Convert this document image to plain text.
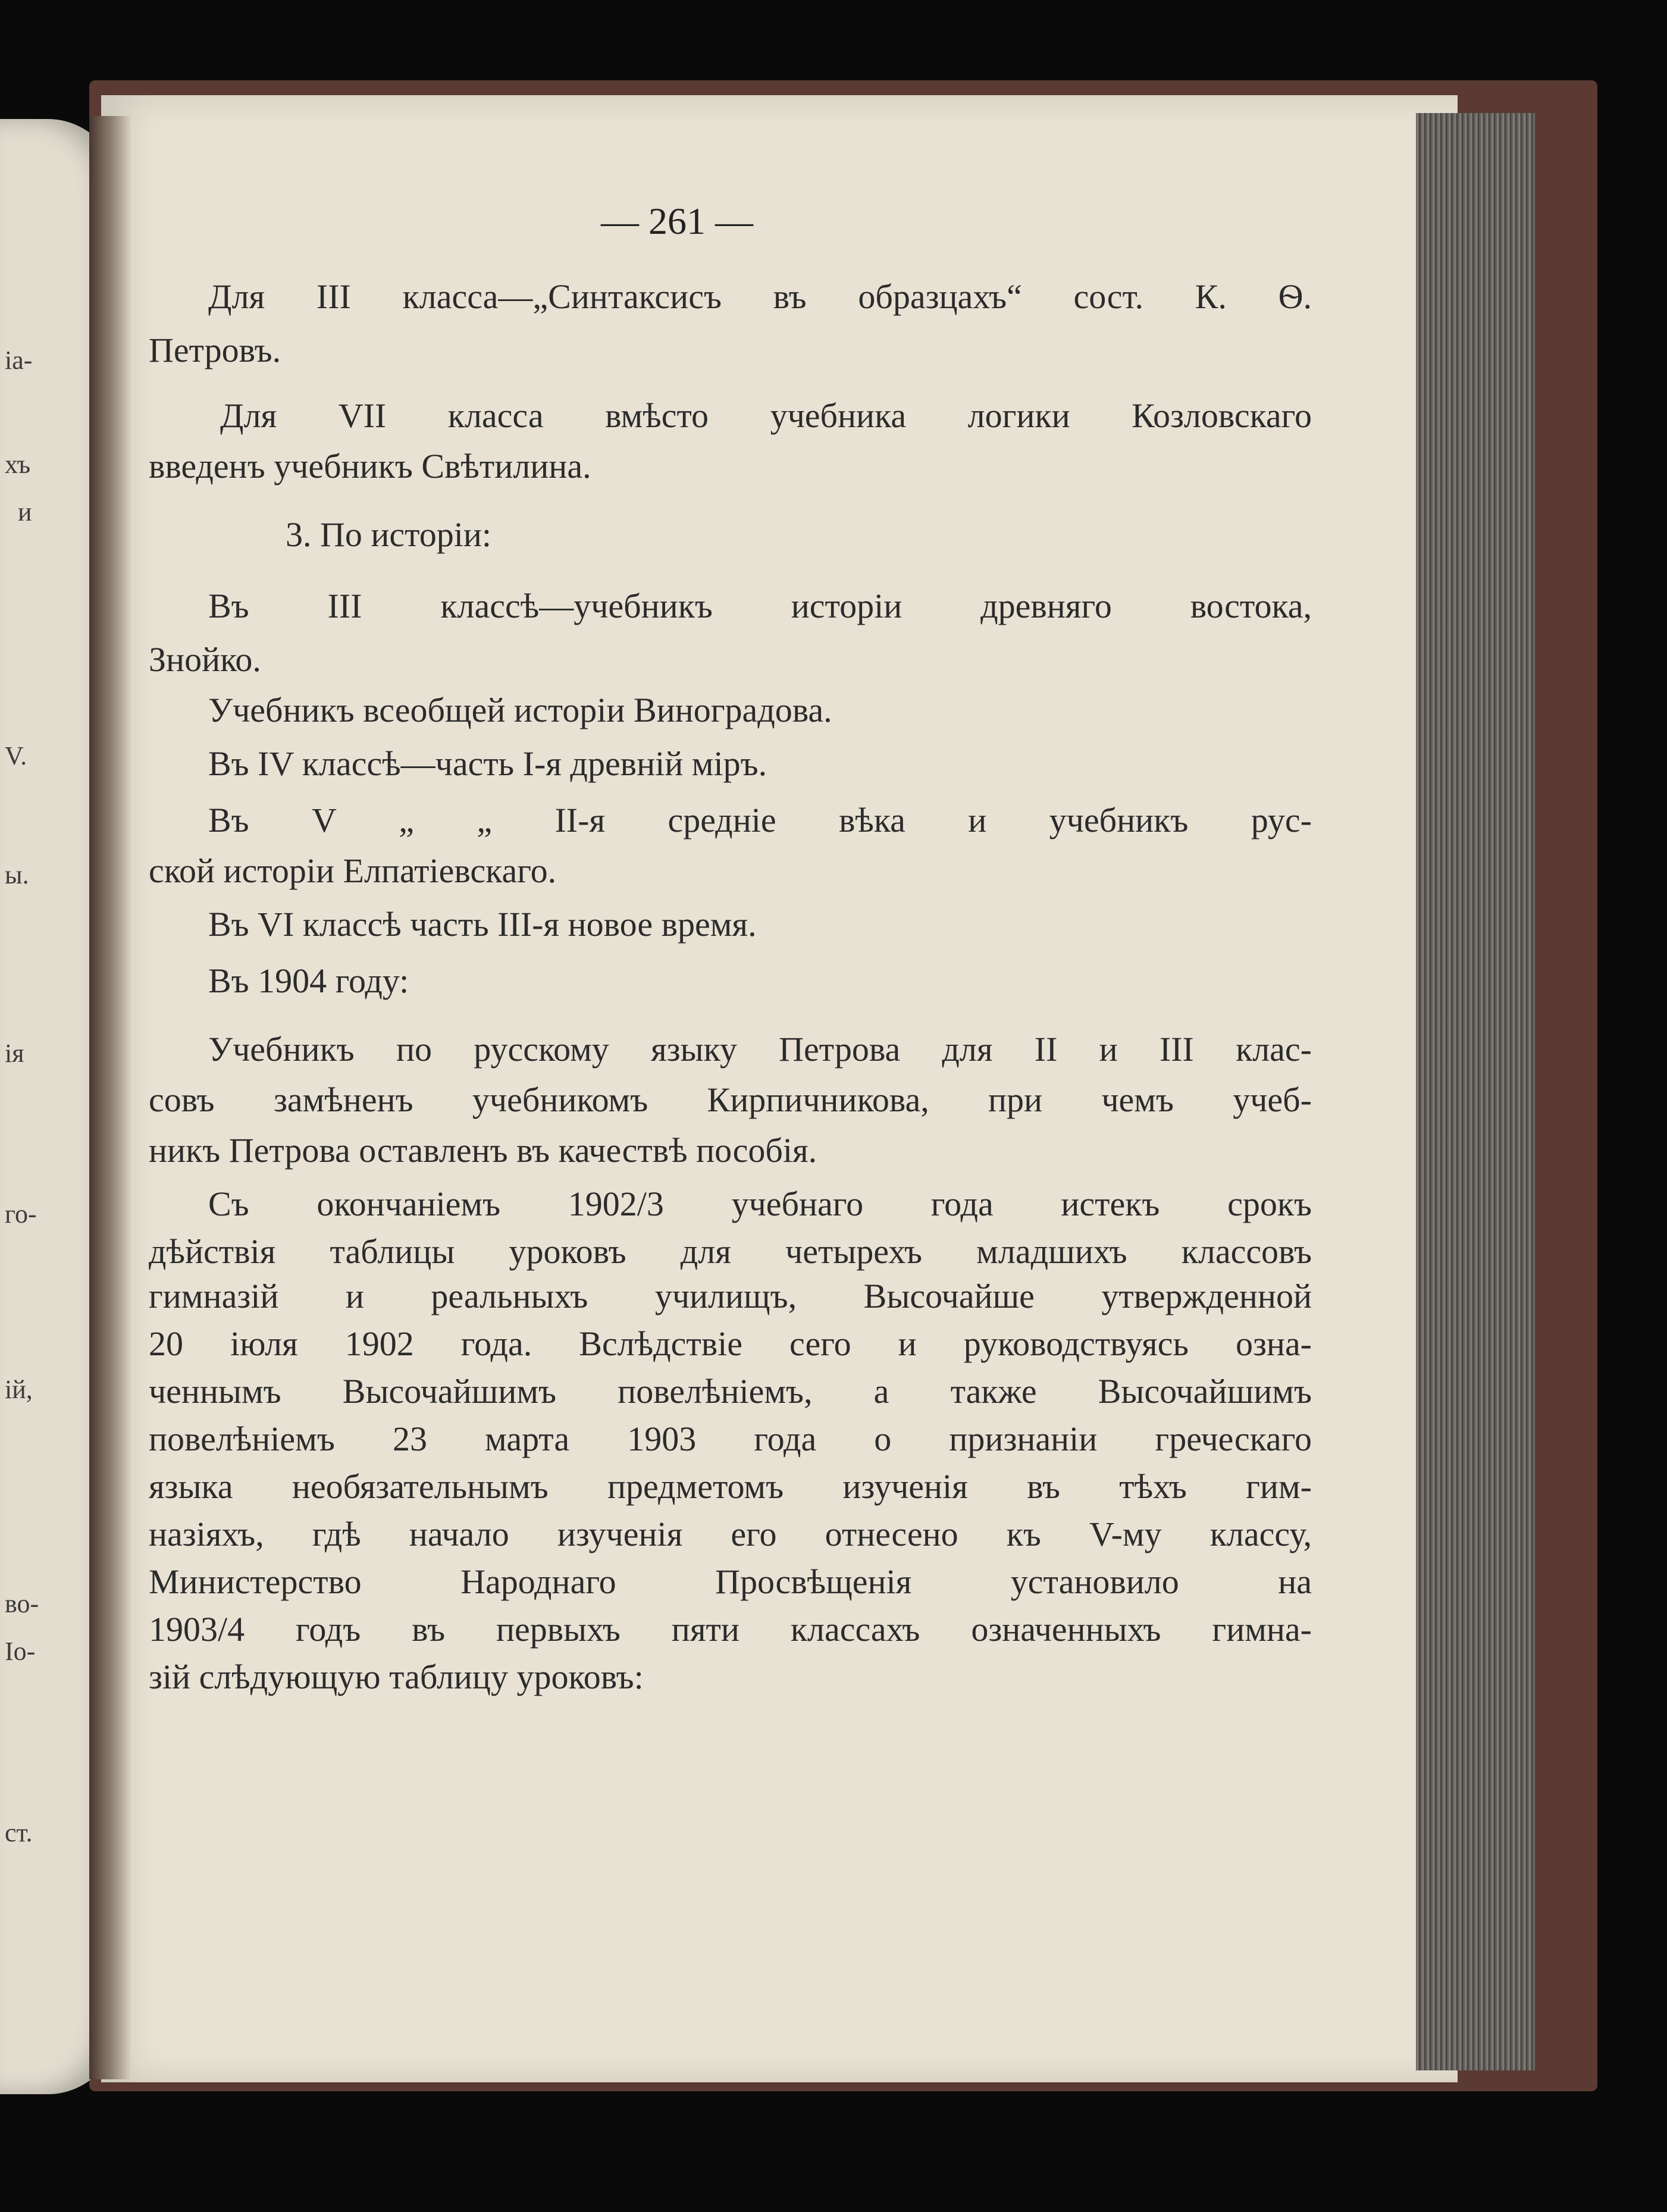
іа-
хъ
и
V.
ы.
ія
го-
ій,
во-
Іо-
ст.
— 261 —
Для III класса—„Синтаксисъ въ образцахъ“ сост. К. Ѳ.
Петровъ.
Для VII класса вмѣсто учебника логики Козловскаго
введенъ учебникъ Свѣтилина.
3. По исторіи:
Въ III классѣ—учебникъ исторіи древняго востока,
Знойко.
Учебникъ всеобщей исторіи Виноградова.
Въ IV классѣ—часть I-я древній міръ.
Въ V „ „ II-я средніе вѣка и учебникъ рус-
ской исторіи Елпатіевскаго.
Въ VI классѣ часть III-я новое время.
Въ 1904 году:
Учебникъ по русскому языку Петрова для II и III клас-
совъ замѣненъ учебникомъ Кирпичникова, при чемъ учеб-
никъ Петрова оставленъ въ качествѣ пособія.
Съ окончаніемъ 1902/3 учебнаго года истекъ срокъ
дѣйствія таблицы уроковъ для четырехъ младшихъ классовъ
гимназій и реальныхъ училищъ, Высочайше утвержденной
20 іюля 1902 года. Вслѣдствіе сего и руководствуясь озна-
ченнымъ Высочайшимъ повелѣніемъ, а также Высочайшимъ
повелѣніемъ 23 марта 1903 года о признаніи греческаго
языка необязательнымъ предметомъ изученія въ тѣхъ гим-
назіяхъ, гдѣ начало изученія его отнесено къ V-му классу,
Министерство Народнаго Просвѣщенія установило на
1903/4 годъ въ первыхъ пяти классахъ означенныхъ гимна-
зій слѣдующую таблицу уроковъ:
